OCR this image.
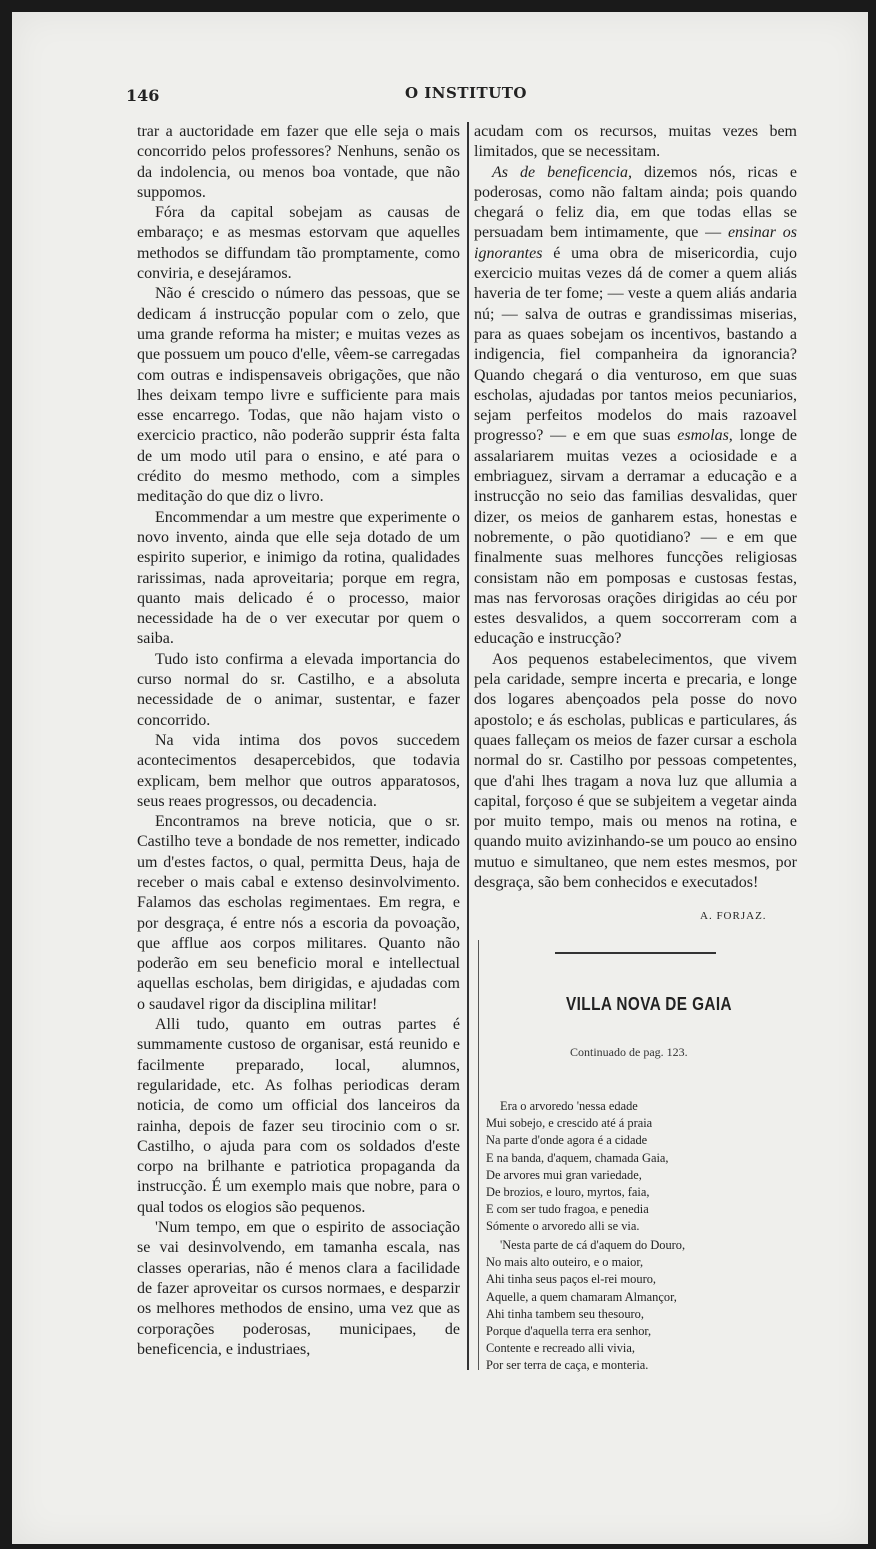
146	O INSTITUTO

trar a auctoridade em fazer que elle seja o mais concorrido pelos professores? Nenhuns, senão os da indolencia, ou menos boa vontade, que não suppomos.

Fóra da capital sobejam as causas de embaraço; e as mesmas estorvam que aquelles methodos se diffundam tão promptamente, como conviria, e desejáramos.

Não é crescido o número das pessoas, que se dedicam á instrucção popular com o zelo, que uma grande reforma ha mister; e muitas vezes as que possuem um pouco d'elle, vêem-se carregadas com outras e indispensaveis obrigações, que não lhes deixam tempo livre e sufficiente para mais esse encarrego. Todas, que não hajam visto o exercicio practico, não poderão supprir ésta falta de um modo util para o ensino, e até para o crédito do mesmo methodo, com a simples meditação do que diz o livro.

Encommendar a um mestre que experimente o novo invento, ainda que elle seja dotado de um espirito superior, e inimigo da rotina, qualidades rarissimas, nada aproveitaria; porque em regra, quanto mais delicado é o processo, maior necessidade ha de o ver executar por quem o saiba.

Tudo isto confirma a elevada importancia do curso normal do sr. Castilho, e a absoluta necessidade de o animar, sustentar, e fazer concorrido.

Na vida intima dos povos succedem acontecimentos desapercebidos, que todavia explicam, bem melhor que outros apparatosos, seus reaes progressos, ou decadencia.

Encontramos na breve noticia, que o sr. Castilho teve a bondade de nos remetter, indicado um d'estes factos, o qual, permitta Deus, haja de receber o mais cabal e extenso desinvolvimento. Falamos das escholas regimentaes. Em regra, e por desgraça, é entre nós a escoria da povoação, que afflue aos corpos militares. Quanto não poderão em seu beneficio moral e intellectual aquellas escholas, bem dirigidas, e ajudadas com o saudavel rigor da disciplina militar!

Alli tudo, quanto em outras partes é summamente custoso de organisar, está reunido e facilmente preparado, local, alumnos, regularidade, etc. As folhas periodicas deram noticia, de como um official dos lanceiros da rainha, depois de fazer seu tirocinio com o sr. Castilho, o ajuda para com os soldados d'este corpo na brilhante e patriotica propaganda da instrucção. É um exemplo mais que nobre, para o qual todos os elogios são pequenos.

'Num tempo, em que o espirito de associação se vai desinvolvendo, em tamanha escala, nas classes operarias, não é menos clara a facilidade de fazer aproveitar os cursos normaes, e desparzir os melhores methodos de ensino, uma vez que as corporações poderosas, municipaes, de beneficencia, e industriaes,

acudam com os recursos, muitas vezes bem limitados, que se necessitam.

As de beneficencia, dizemos nós, ricas e poderosas, como não faltam ainda; pois quando chegará o feliz dia, em que todas ellas se persuadam bem intimamente, que — ensinar os ignorantes é uma obra de misericordia, cujo exercicio muitas vezes dá de comer a quem aliás haveria de ter fome; — veste a quem aliás andaria nú; — salva de outras e grandissimas miserias, para as quaes sobejam os incentivos, bastando a indigencia, fiel companheira da ignorancia? Quando chegará o dia venturoso, em que suas escholas, ajudadas por tantos meios pecuniarios, sejam perfeitos modelos do mais razoavel progresso? — e em que suas esmolas, longe de assalariarem muitas vezes a ociosidade e a embriaguez, sirvam a derramar a educação e a instrucção no seio das familias desvalidas, quer dizer, os meios de ganharem estas, honestas e nobremente, o pão quotidiano? — e em que finalmente suas melhores funcções religiosas consistam não em pomposas e custosas festas, mas nas fervorosas orações dirigidas ao céu por estes desvalidos, a quem soccorreram com a educação e instrucção?

Aos pequenos estabelecimentos, que vivem pela caridade, sempre incerta e precaria, e longe dos logares abençoados pela posse do novo apostolo; e ás escholas, publicas e particulares, ás quaes falleçam os meios de fazer cursar a eschola normal do sr. Castilho por pessoas competentes, que d'ahi lhes tragam a nova luz que allumia a capital, forçoso é que se subjeitem a vegetar ainda por muito tempo, mais ou menos na rotina, e quando muito avizinhando-se um pouco ao ensino mutuo e simultaneo, que nem estes mesmos, por desgraça, são bem conhecidos e executados!

A. FORJAZ.
VILLA NOVA DE GAIA
Continuado de pag. 123.
Era o arvoredo 'nessa edade
Mui sobejo, e crescido até á praia
Na parte d'onde agora é a cidade
E na banda, d'aquem, chamada Gaia,
De arvores mui gran variedade,
De brozios, e louro, myrtos, faia,
E com ser tudo fragoa, e penedia
Sómente o arvoredo alli se via.
'Nesta parte de cá d'aquem do Douro,
No mais alto outeiro, e o maior,
Ahi tinha seus paços el-rei mouro,
Aquelle, a quem chamaram Almançor,
Ahi tinha tambem seu thesouro,
Porque d'aquella terra era senhor,
Contente e recreado alli vivia,
Por ser terra de caça, e monteria.
